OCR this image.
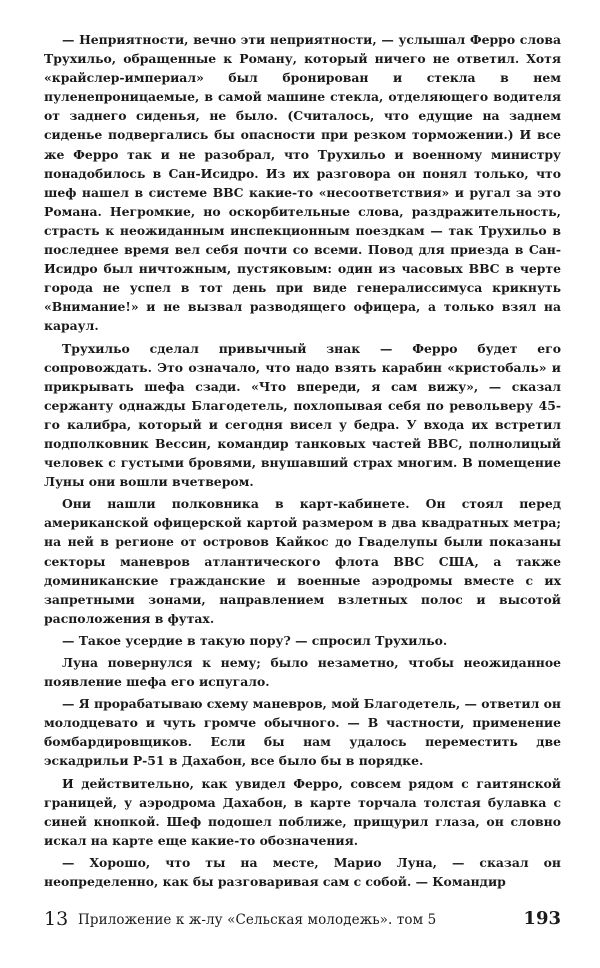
— Неприятности, вечно эти неприятности, — услышал Ферро слова Трухильо, обращенные к Роману, который ничего не ответил. Хотя «крайслер-империал» был бронирован и стекла в нем пуленепроницаемые, в самой машине стекла, отделяющего водителя от заднего сиденья, не было. (Считалось, что едущие на заднем сиденье подвергались бы опасности при резком торможении.) И все же Ферро так и не разобрал, что Трухильо и военному министру понадобилось в Сан-Исидро. Из их разговора он понял только, что шеф нашел в системе ВВС какие-то «несоответствия» и ругал за это Романа. Негромкие, но оскорбительные слова, раздражительность, страсть к неожиданным инспекционным поездкам — так Трухильо в последнее время вел себя почти со всеми. Повод для приезда в Сан-Исидро был ничтожным, пустяковым: один из часовых ВВС в черте города не успел в тот день при виде генералиссимуса крикнуть «Внимание!» и не вызвал разводящего офицера, а только взял на караул.

Трухильо сделал привычный знак — Ферро будет его сопровождать. Это означало, что надо взять карабин «кристобаль» и прикрывать шефа сзади. «Что впереди, я сам вижу», — сказал сержанту однажды Благодетель, похлопывая себя по револьверу 45-го калибра, который и сегодня висел у бедра. У входа их встретил подполковник Вессин, командир танковых частей ВВС, полнолицый человек с густыми бровями, внушавший страх многим. В помещение Луны они вошли вчетвером.

Они нашли полковника в карт-кабинете. Он стоял перед американской офицерской картой размером в два квадратных метра; на ней в регионе от островов Кайкос до Гваделупы были показаны секторы маневров атлантического флота ВВС США, а также доминиканские гражданские и военные аэродромы вместе с их запретными зонами, направлением взлетных полос и высотой расположения в футах.

— Такое усердие в такую пору? — спросил Трухильо.

Луна повернулся к нему; было незаметно, чтобы неожиданное появление шефа его испугало.

— Я прорабатываю схему маневров, мой Благодетель, — ответил он молодцевато и чуть громче обычного. — В частности, применение бомбардировщиков. Если бы нам удалось переместить две эскадрильи Р-51 в Дахабон, все было бы в порядке.

И действительно, как увидел Ферро, совсем рядом с гаитянской границей, у аэродрома Дахабон, в карте торчала толстая булавка с синей кнопкой. Шеф подошел поближе, прищурил глаза, он словно искал на карте еще какие-то обозначения.

— Хорошо, что ты на месте, Марио Луна, — сказал он неопределенно, как бы разговаривая сам с собой. — Командир

13 Приложение к ж-лу «Сельская молодежь». том 5	193
